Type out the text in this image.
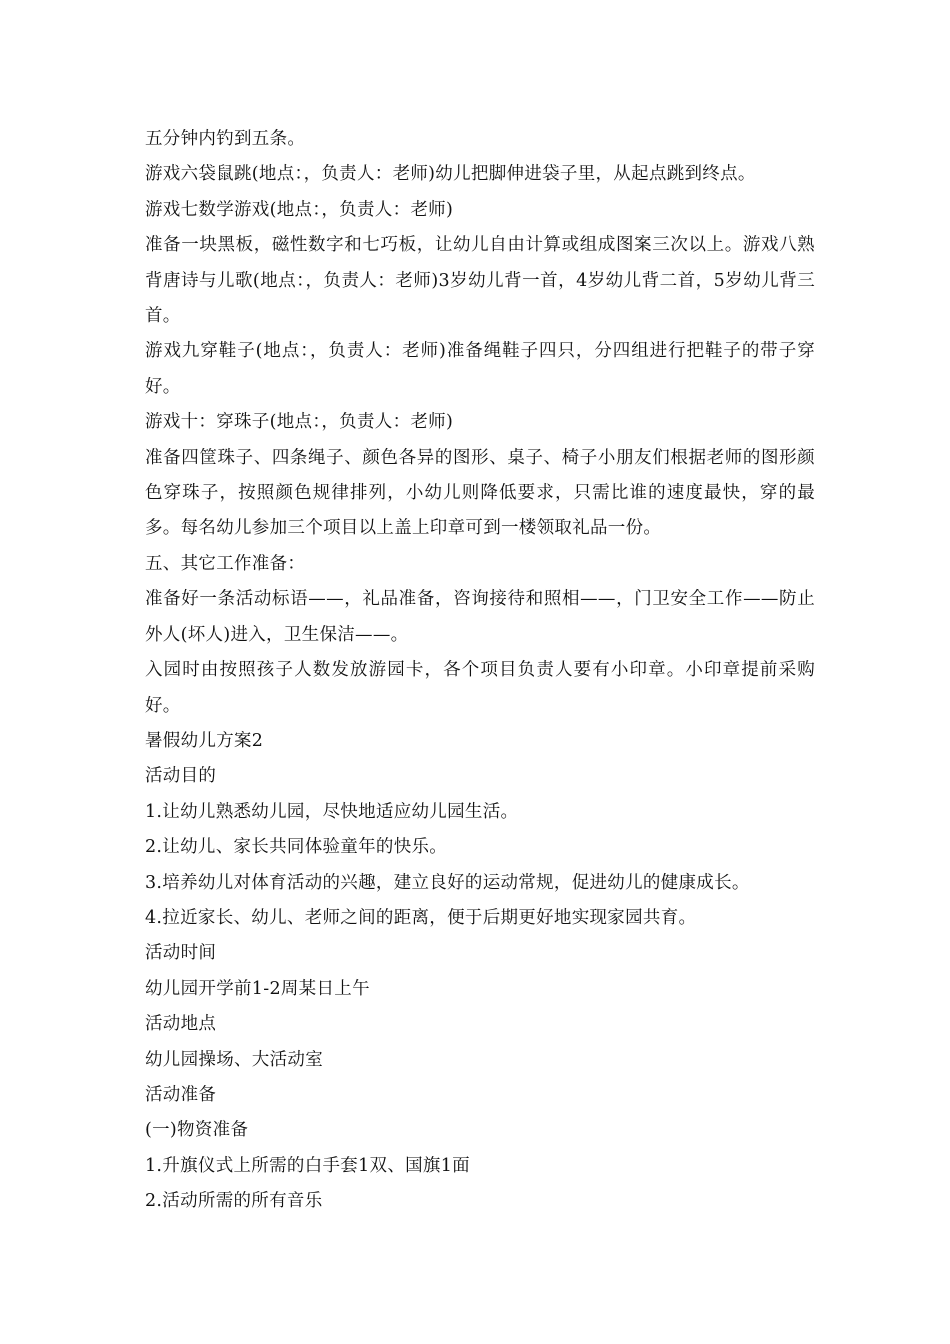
五分钟内钓到五条。

游戏六袋鼠跳(地点：，负责人：老师)幼儿把脚伸进袋子里，从起点跳到终点。

游戏七数学游戏(地点：，负责人：老师)

准备一块黑板，磁性数字和七巧板，让幼儿自由计算或组成图案三次以上。游戏八熟背唐诗与儿歌(地点：，负责人：老师)3岁幼儿背一首，4岁幼儿背二首，5岁幼儿背三首。

游戏九穿鞋子(地点：，负责人：老师)准备绳鞋子四只，分四组进行把鞋子的带子穿好。

游戏十：穿珠子(地点：，负责人：老师)

准备四筐珠子、四条绳子、颜色各异的图形、桌子、椅子小朋友们根据老师的图形颜色穿珠子，按照颜色规律排列，小幼儿则降低要求，只需比谁的速度最快，穿的最多。每名幼儿参加三个项目以上盖上印章可到一楼领取礼品一份。

五、其它工作准备：

准备好一条活动标语——，礼品准备，咨询接待和照相——，门卫安全工作——防止外人(坏人)进入，卫生保洁——。

入园时由按照孩子人数发放游园卡，各个项目负责人要有小印章。小印章提前采购好。

暑假幼儿方案2

活动目的

1.让幼儿熟悉幼儿园，尽快地适应幼儿园生活。

2.让幼儿、家长共同体验童年的快乐。

3.培养幼儿对体育活动的兴趣，建立良好的运动常规，促进幼儿的健康成长。

4.拉近家长、幼儿、老师之间的距离，便于后期更好地实现家园共育。

活动时间

幼儿园开学前1-2周某日上午

活动地点

幼儿园操场、大活动室

活动准备

(一)物资准备

1.升旗仪式上所需的白手套1双、国旗1面

2.活动所需的所有音乐
